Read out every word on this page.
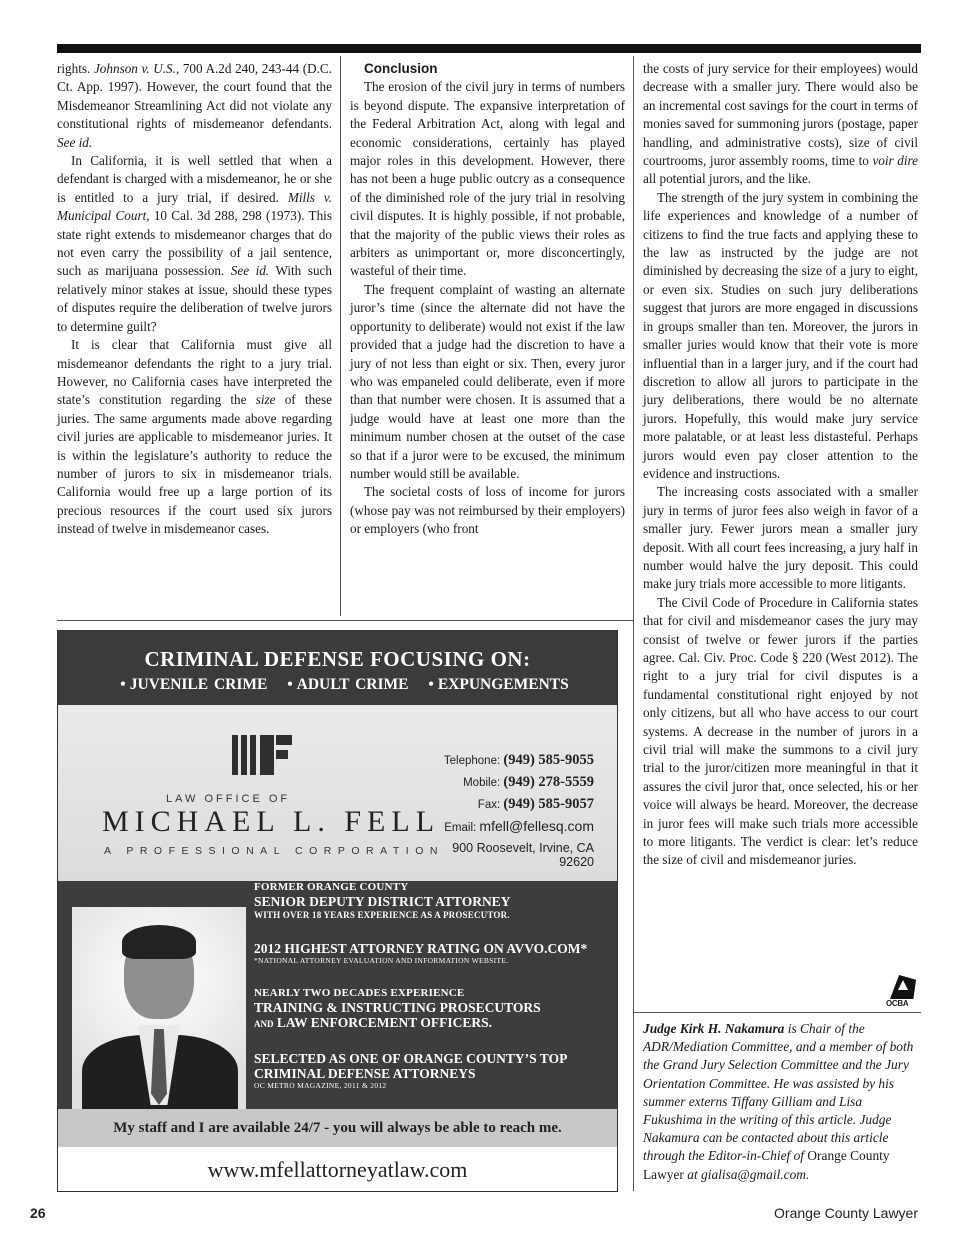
rights. Johnson v. U.S., 700 A.2d 240, 243-44 (D.C. Ct. App. 1997). However, the court found that the Misdemeanor Streamlining Act did not violate any constitutional rights of misdemeanor defendants. See id.

In California, it is well settled that when a defendant is charged with a misdemeanor, he or she is entitled to a jury trial, if desired. Mills v. Municipal Court, 10 Cal. 3d 288, 298 (1973). This state right extends to misdemeanor charges that do not even carry the possibility of a jail sentence, such as marijuana possession. See id. With such relatively minor stakes at issue, should these types of disputes require the deliberation of twelve jurors to determine guilt?

It is clear that California must give all misdemeanor defendants the right to a jury trial. However, no California cases have interpreted the state’s constitution regarding the size of these juries. The same arguments made above regarding civil juries are applicable to misdemeanor juries. It is within the legislature’s authority to reduce the number of jurors to six in misdemeanor trials. California would free up a large portion of its precious resources if the court used six jurors instead of twelve in misdemeanor cases.

Conclusion

The erosion of the civil jury in terms of numbers is beyond dispute. The expansive interpretation of the Federal Arbitration Act, along with legal and economic considerations, certainly has played major roles in this development. However, there has not been a huge public outcry as a consequence of the diminished role of the jury trial in resolving civil disputes. It is highly possible, if not probable, that the majority of the public views their roles as arbiters as unimportant or, more disconcertingly, wasteful of their time.

The frequent complaint of wasting an alternate juror’s time (since the alternate did not have the opportunity to deliberate) would not exist if the law provided that a judge had the discretion to have a jury of not less than eight or six. Then, every juror who was empaneled could deliberate, even if more than that number were chosen. It is assumed that a judge would have at least one more than the minimum number chosen at the outset of the case so that if a juror were to be excused, the minimum number would still be available.

The societal costs of loss of income for jurors (whose pay was not reimbursed by their employers) or employers (who front

the costs of jury service for their employees) would decrease with a smaller jury. There would also be an incremental cost savings for the court in terms of monies saved for summoning jurors (postage, paper handling, and administrative costs), size of civil courtrooms, juror assembly rooms, time to voir dire all potential jurors, and the like.

The strength of the jury system in combining the life experiences and knowledge of a number of citizens to find the true facts and applying these to the law as instructed by the judge are not diminished by decreasing the size of a jury to eight, or even six. Studies on such jury deliberations suggest that jurors are more engaged in discussions in groups smaller than ten. Moreover, the jurors in smaller juries would know that their vote is more influential than in a larger jury, and if the court had discretion to allow all jurors to participate in the jury deliberations, there would be no alternate jurors. Hopefully, this would make jury service more palatable, or at least less distasteful. Perhaps jurors would even pay closer attention to the evidence and instructions.

The increasing costs associated with a smaller jury in terms of juror fees also weigh in favor of a smaller jury. Fewer jurors mean a smaller jury deposit. With all court fees increasing, a jury half in number would halve the jury deposit. This could make jury trials more accessible to more litigants.

The Civil Code of Procedure in California states that for civil and misdemeanor cases the jury may consist of twelve or fewer jurors if the parties agree. Cal. Civ. Proc. Code § 220 (West 2012). The right to a jury trial for civil disputes is a fundamental constitutional right enjoyed by not only citizens, but all who have access to our court systems. A decrease in the number of jurors in a civil trial will make the summons to a civil jury trial to the juror/citizen more meaningful in that it assures the civil juror that, once selected, his or her voice will always be heard. Moreover, the decrease in juror fees will make such trials more accessible to more litigants. The verdict is clear: let’s reduce the size of civil and misdemeanor juries.

OCBA
Judge Kirk H. Nakamura is Chair of the ADR/Mediation Committee, and a member of both the Grand Jury Selection Committee and the Jury Orientation Committee. He was assisted by his summer externs Tiffany Gilliam and Lisa Fukushima in the writing of this article. Judge Nakamura can be contacted about this article through the Editor-in-Chief of Orange County Lawyer at gialisa@gmail.com.
CRIMINAL DEFENSE FOCUSING ON:
• JUVENILE CRIME • ADULT CRIME • EXPUNGEMENTS
LAW OFFICE OF
MICHAEL L. FELL
A PROFESSIONAL CORPORATION
Telephone: (949) 585-9055
Mobile: (949) 278-5559
Fax: (949) 585-9057
Email: mfell@fellesq.com
900 Roosevelt, Irvine, CA 92620
FORMER ORANGE COUNTY
SENIOR DEPUTY DISTRICT ATTORNEY
WITH OVER 18 YEARS EXPERIENCE AS A PROSECUTOR.
2012 HIGHEST ATTORNEY RATING ON AVVO.COM*
*NATIONAL ATTORNEY EVALUATION AND INFORMATION WEBSITE.
NEARLY TWO DECADES EXPERIENCE
TRAINING & INSTRUCTING PROSECUTORS
AND LAW ENFORCEMENT OFFICERS.
SELECTED AS ONE OF ORANGE COUNTY’S TOP CRIMINAL DEFENSE ATTORNEYS
OC METRO MAGAZINE, 2011 & 2012
My staff and I are available 24/7 - you will always be able to reach me.
www.mfellattorneyatlaw.com
26	Orange County Lawyer
